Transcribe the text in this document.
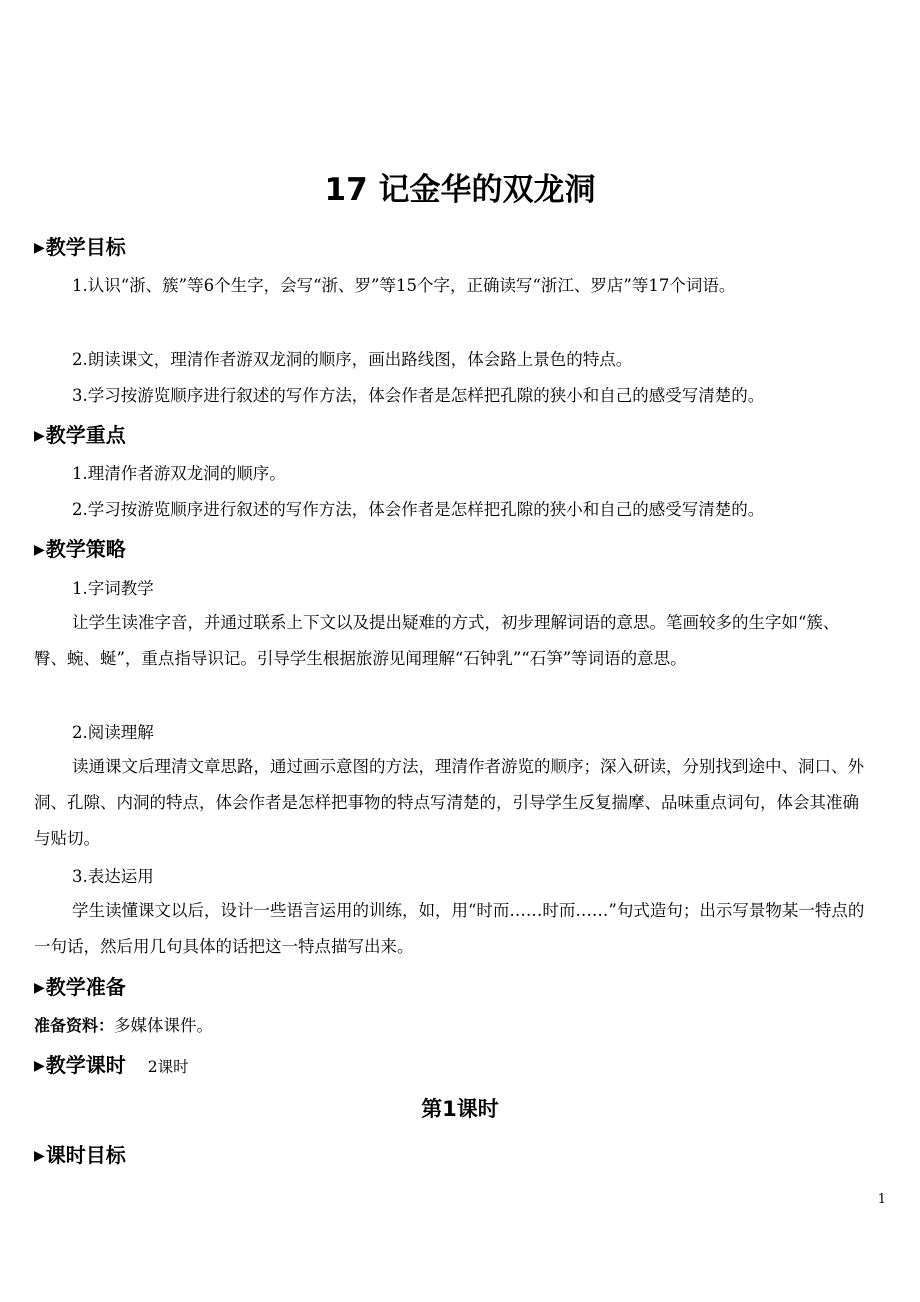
17 记金华的双龙洞
▶教学目标
1.认识“浙、簇”等6个生字，会写“浙、罗”等15个字，正确读写“浙江、罗店”等17个词语。
2.朗读课文，理清作者游双龙洞的顺序，画出路线图，体会路上景色的特点。
3.学习按游览顺序进行叙述的写作方法，体会作者是怎样把孔隙的狭小和自己的感受写清楚的。
▶教学重点
1.理清作者游双龙洞的顺序。
2.学习按游览顺序进行叙述的写作方法，体会作者是怎样把孔隙的狭小和自己的感受写清楚的。
▶教学策略
1.字词教学
让学生读准字音，并通过联系上下文以及提出疑难的方式，初步理解词语的意思。笔画较多的生字如“簇、臀、蜿、蜒”，重点指导识记。引导学生根据旅游见闻理解“石钟乳”“石笋”等词语的意思。
2.阅读理解
读通课文后理清文章思路，通过画示意图的方法，理清作者游览的顺序；深入研读，分别找到途中、洞口、外洞、孔隙、内洞的特点，体会作者是怎样把事物的特点写清楚的，引导学生反复揣摩、品味重点词句，体会其准确与贴切。
3.表达运用
学生读懂课文以后，设计一些语言运用的训练，如，用“时而……时而……”句式造句；出示写景物某一特点的一句话，然后用几句具体的话把这一特点描写出来。
▶教学准备
准备资料：多媒体课件。
▶教学课时 2课时
第1课时
▶课时目标
1
